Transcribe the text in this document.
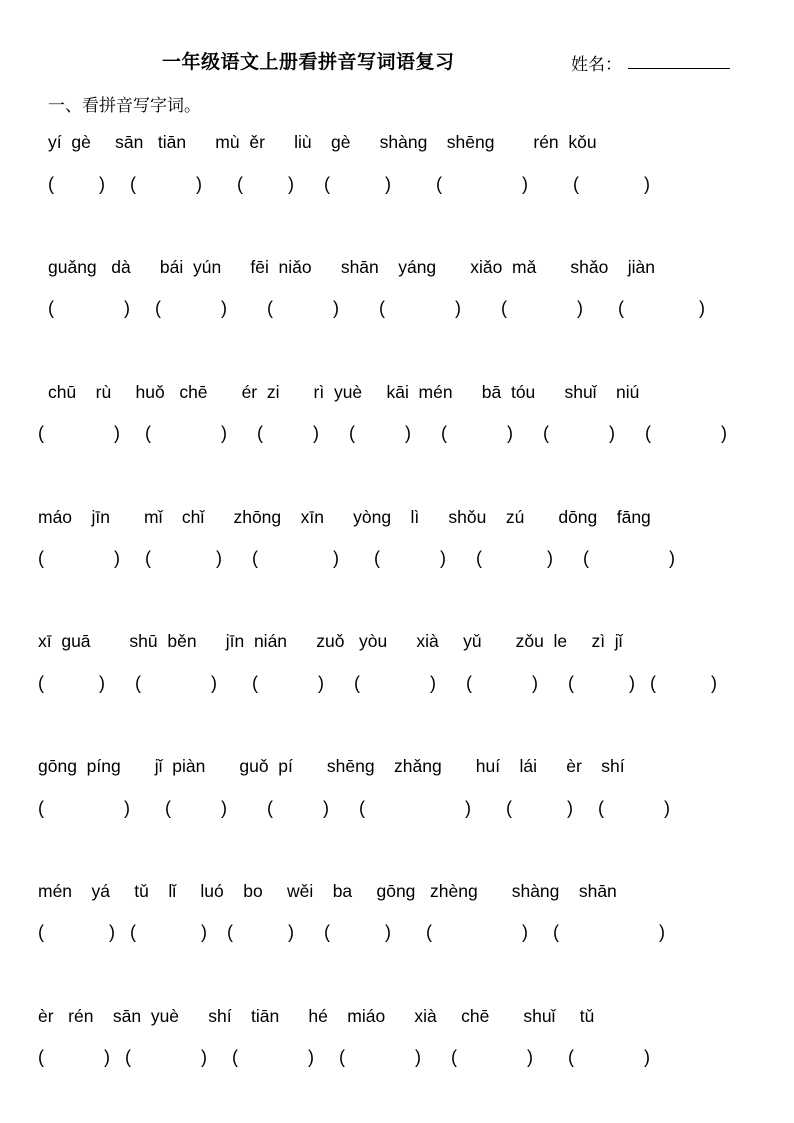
一年级语文上册看拼音写词语复习	姓名：
一、看拼音写字词。
yí  gè     sān   tiān      mù  ěr      liù    gè      shàng    shēng        rén  kǒu
(         )     (            )       (         )      (           )         (                )         (             )
guǎng   dà      bái  yún      fēi  niǎo      shān    yáng       xiǎo  mǎ       shǎo    jiàn
(              )     (            )        (            )        (              )        (              )       (               )
chū    rù     huǒ   chē       ér  zi       rì  yuè     kāi  mén      bā  tóu      shuǐ    niú
(              )     (              )      (          )      (          )      (            )      (            )      (              )
máo    jīn       mǐ    chǐ      zhōng    xīn      yòng    lì      shǒu    zú       dōng    fāng
(              )     (             )      (               )       (            )      (             )      (                )
xī  guā        shū  běn      jīn  nián      zuǒ   yòu      xià     yǔ       zǒu  le     zì  jǐ
(           )      (              )       (            )      (              )      (            )      (           )   (           )
gōng  píng       jǐ  piàn       guǒ  pí       shēng    zhǎng       huí    lái      èr    shí
(                )       (          )        (          )      (                    )       (           )     (            )
mén    yá     tǔ    lǐ     luó    bo     wěi    ba     gōng   zhèng       shàng    shān
(             )   (             )    (           )      (           )       (                  )     (                    )
èr   rén    sān  yuè      shí    tiān      hé    miáo      xià     chē       shuǐ     tǔ
(            )   (              )     (              )     (              )      (              )       (              )
